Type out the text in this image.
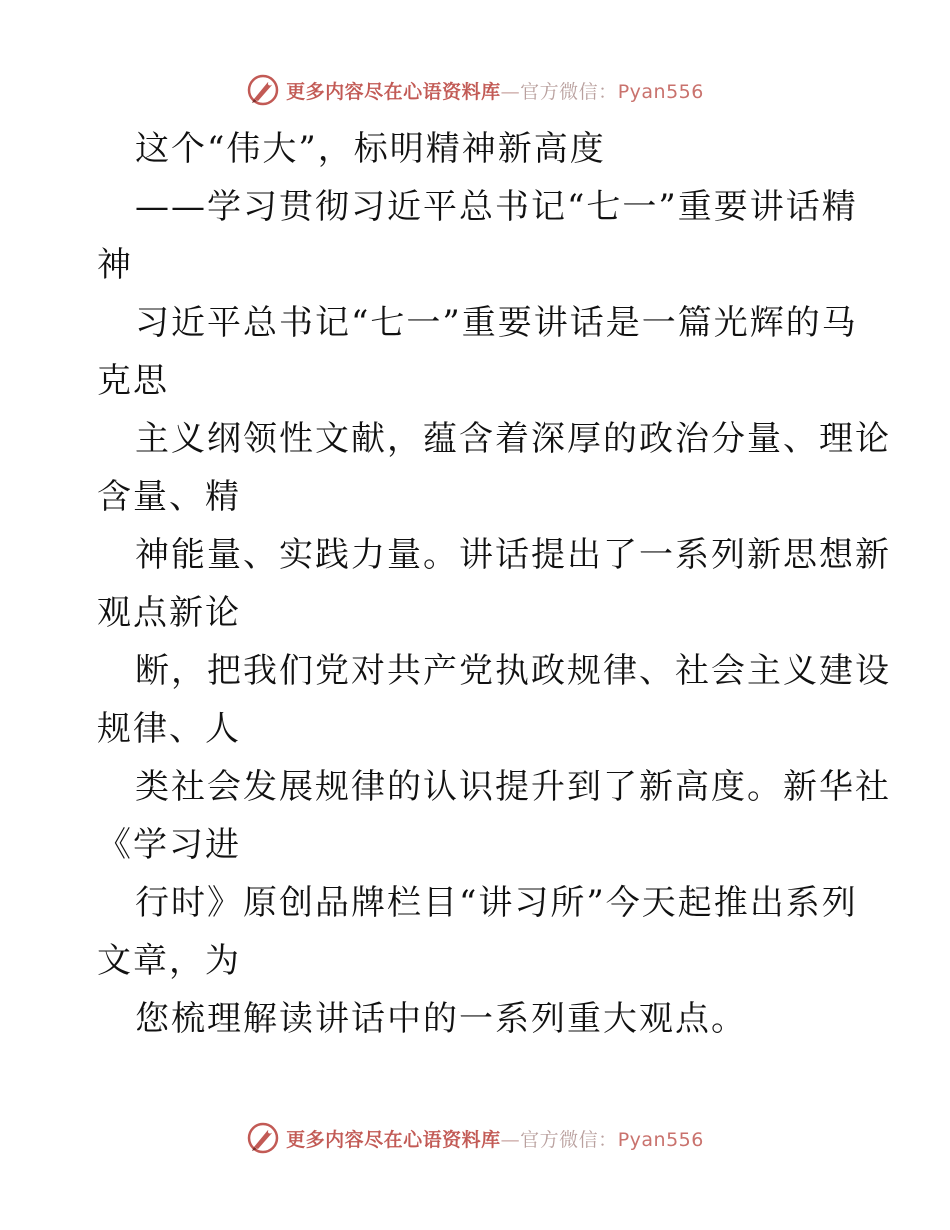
更多内容尽在心语资料库—官方微信：Pyan556
这个“伟大”，标明精神新高度
——学习贯彻习近平总书记“七一”重要讲话精
神
习近平总书记“七一”重要讲话是一篇光辉的马
克思
主义纲领性文献，蕴含着深厚的政治分量、理论
含量、精
神能量、实践力量。讲话提出了一系列新思想新
观点新论
断，把我们党对共产党执政规律、社会主义建设
规律、人
类社会发展规律的认识提升到了新高度。新华社
《学习进
行时》原创品牌栏目“讲习所”今天起推出系列
文章，为
您梳理解读讲话中的一系列重大观点。
更多内容尽在心语资料库—官方微信：Pyan556
